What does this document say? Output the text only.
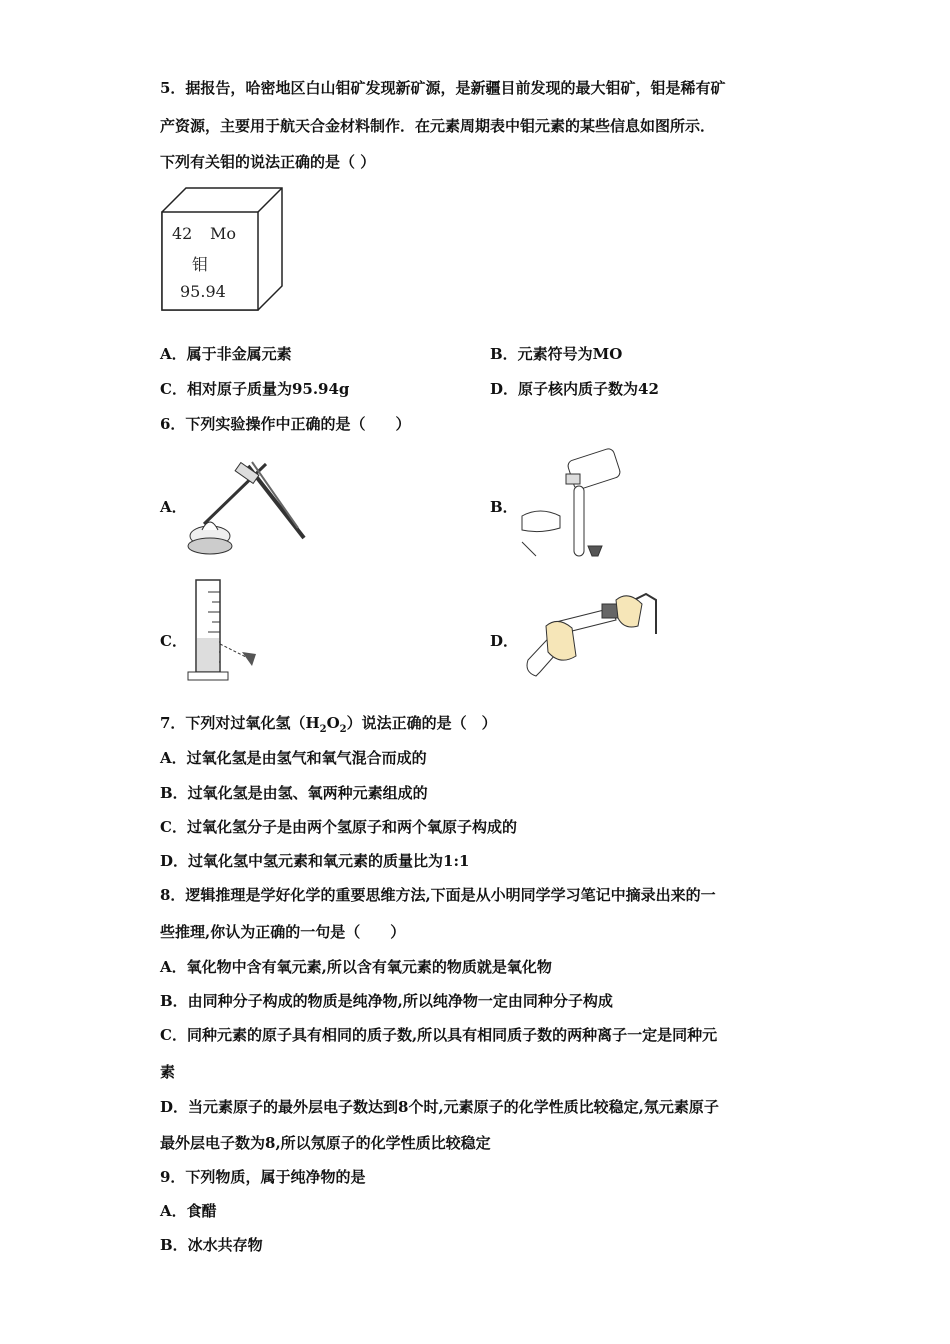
5．据报告，哈密地区白山钼矿发现新矿源，是新疆目前发现的最大钼矿，钼是稀有矿
产资源，主要用于航天合金材料制作．在元素周期表中钼元素的某些信息如图所示．
下列有关钼的说法正确的是（ ）
42 Mo
钼
95.94
A．属于非金属元素	B．元素符号为MO
C．相对原子质量为95.94g	D．原子核内质子数为42
6．下列实验操作中正确的是（　　）
A．	B．
C．	D．
7．下列对过氧化氢$(H_2O_2)$说法正确的是（　）
A．过氧化氢是由氢气和氧气混合而成的
B．过氧化氢是由氢、氧两种元素组成的
C．过氧化氢分子是由两个氢原子和两个氧原子构成的
D．过氧化氢中氢元素和氧元素的质量比为1:1
8．逻辑推理是学好化学的重要思维方法,下面是从小明同学学习笔记中摘录出来的一
些推理,你认为正确的一句是（　　）
A．氧化物中含有氧元素,所以含有氧元素的物质就是氧化物
B．由同种分子构成的物质是纯净物,所以纯净物一定由同种分子构成
C．同种元素的原子具有相同的质子数,所以具有相同质子数的两种离子一定是同种元
素
D．当元素原子的最外层电子数达到8个时,元素原子的化学性质比较稳定,氖元素原子
最外层电子数为8,所以氖原子的化学性质比较稳定
9．下列物质，属于纯净物的是
A．食醋
B．冰水共存物
